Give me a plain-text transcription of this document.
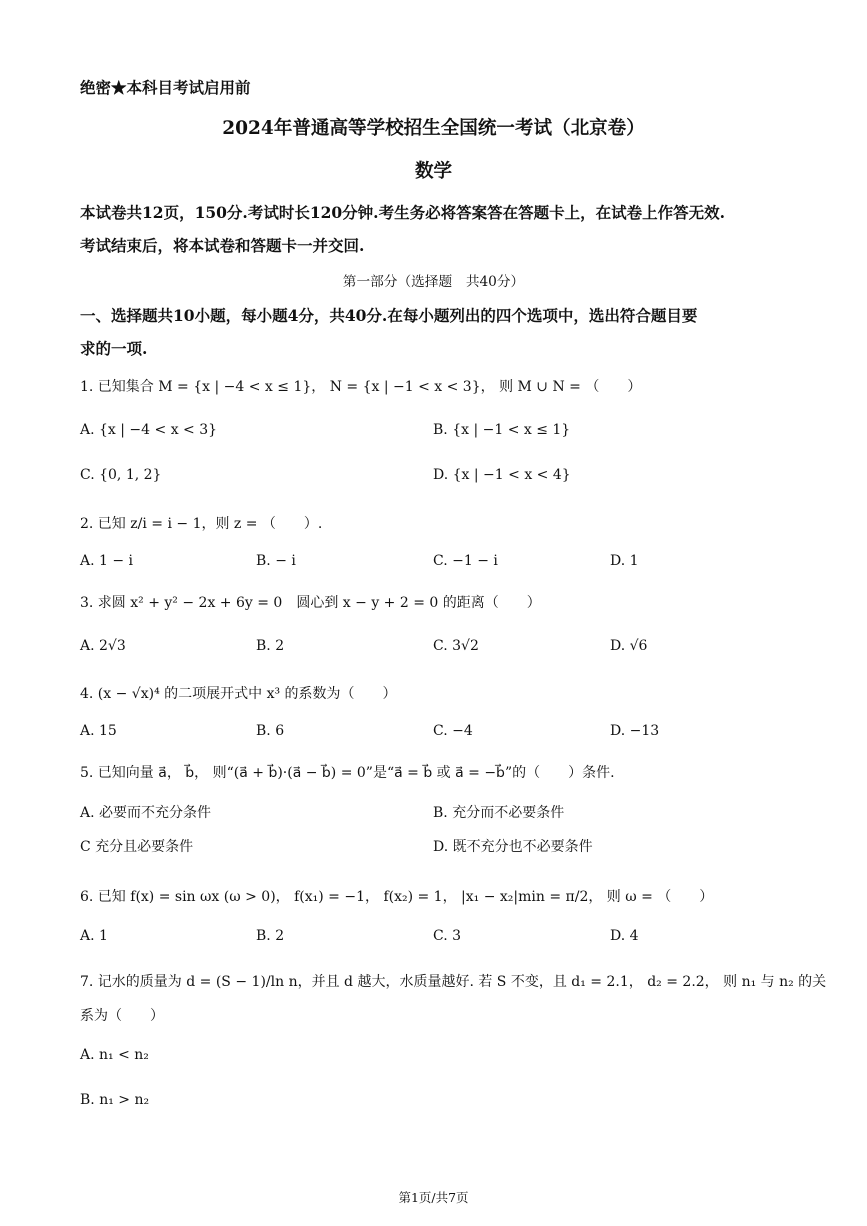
绝密★本科目考试启用前
2024年普通高等学校招生全国统一考试（北京卷）
数学
本试卷共12页，150分.考试时长120分钟.考生务必将答案答在答题卡上，在试卷上作答无效.
考试结束后，将本试卷和答题卡一并交回.
第一部分（选择题　共40分）
一、选择题共10小题，每小题4分，共40分.在每小题列出的四个选项中，选出符合题目要
求的一项.
1. 已知集合 M = {x | −4 < x ≤ 1}， N = {x | −1 < x < 3}， 则 M ∪ N = （　　）
A. {x | −4 < x < 3}	B. {x | −1 < x ≤ 1}
C. {0, 1, 2}	D. {x | −1 < x < 4}
2. 已知 z/i = i − 1，则 z = （　　）.
A. 1 − i	B. − i	C. −1 − i	D. 1
3. 求圆 x² + y² − 2x + 6y = 0　圆心到 x − y + 2 = 0 的距离（　　）
A. 2√3	B. 2	C. 3√2	D. √6
4. (x − √x)⁴ 的二项展开式中 x³ 的系数为（　　）
A. 15	B. 6	C. −4	D. −13
5. 已知向量 a⃗， b⃗， 则“(a⃗ + b⃗)·(a⃗ − b⃗) = 0”是“a⃗ = b⃗ 或 a⃗ = −b⃗”的（　　）条件.
A. 必要而不充分条件	B. 充分而不必要条件
C 充分且必要条件	D. 既不充分也不必要条件
6. 已知 f(x) = sin ωx (ω > 0)， f(x₁) = −1， f(x₂) = 1， |x₁ − x₂|min = π/2， 则 ω = （　　）
A. 1	B. 2	C. 3	D. 4
7. 记水的质量为 d = (S − 1)/ln n，并且 d 越大，水质量越好. 若 S 不变，且 d₁ = 2.1， d₂ = 2.2， 则 n₁ 与 n₂ 的关
系为（　　）
A. n₁ < n₂
B. n₁ > n₂
第1页/共7页
